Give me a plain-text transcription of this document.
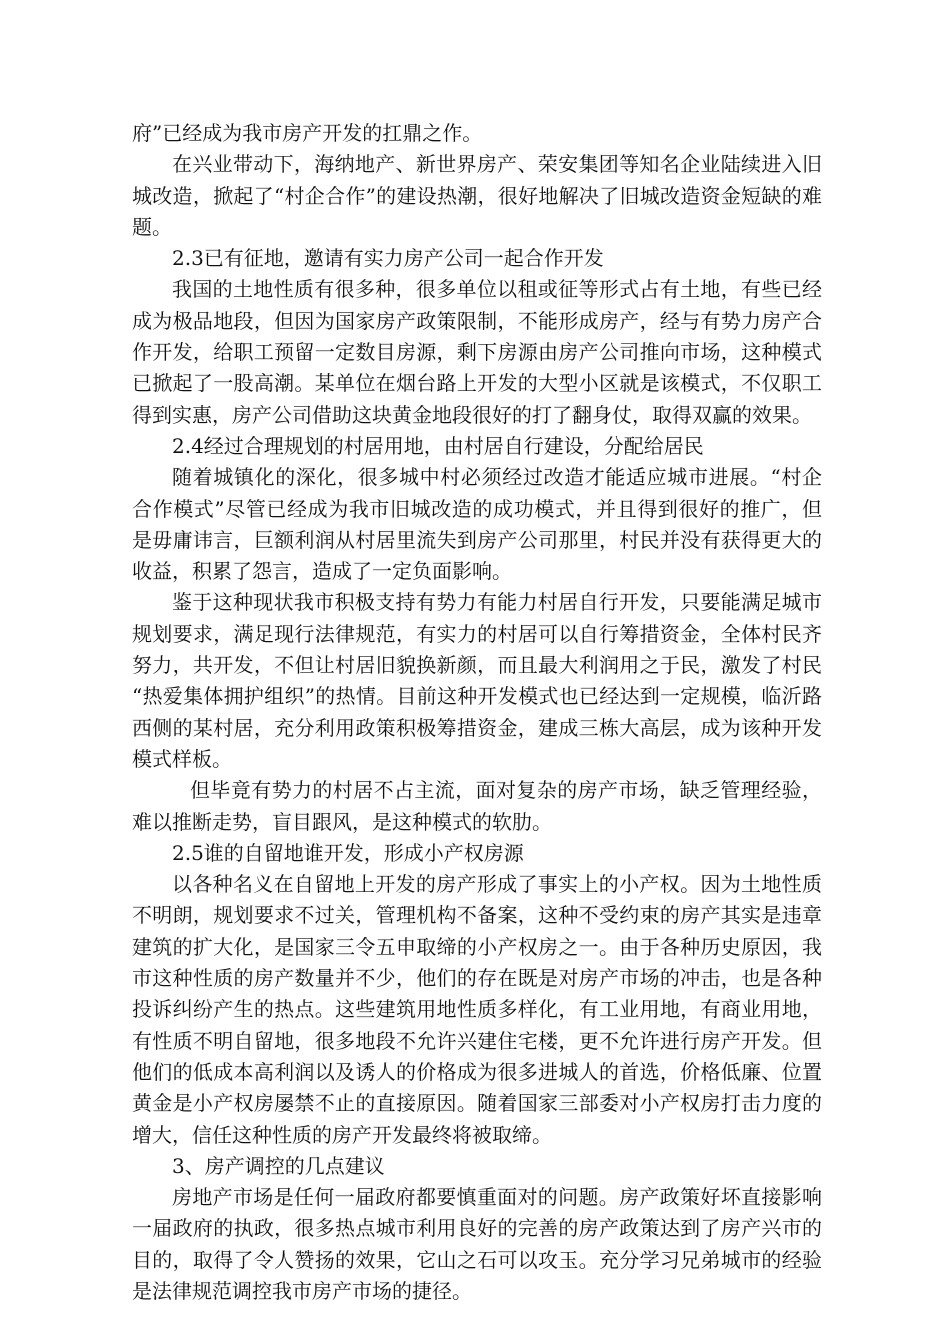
府”已经成为我市房产开发的扛鼎之作。

在兴业带动下，海纳地产、新世界房产、荣安集团等知名企业陆续进入旧城改造，掀起了“村企合作”的建设热潮，很好地解决了旧城改造资金短缺的难题。

2.3已有征地，邀请有实力房产公司一起合作开发

我国的土地性质有很多种，很多单位以租或征等形式占有土地，有些已经成为极品地段，但因为国家房产政策限制，不能形成房产，经与有势力房产合作开发，给职工预留一定数目房源，剩下房源由房产公司推向市场，这种模式已掀起了一股高潮。某单位在烟台路上开发的大型小区就是该模式，不仅职工得到实惠，房产公司借助这块黄金地段很好的打了翻身仗，取得双赢的效果。

2.4经过合理规划的村居用地，由村居自行建设，分配给居民

随着城镇化的深化，很多城中村必须经过改造才能适应城市进展。“村企合作模式”尽管已经成为我市旧城改造的成功模式，并且得到很好的推广，但是毋庸讳言，巨额利润从村居里流失到房产公司那里，村民并没有获得更大的收益，积累了怨言，造成了一定负面影响。

鉴于这种现状我市积极支持有势力有能力村居自行开发，只要能满足城市规划要求，满足现行法律规范，有实力的村居可以自行筹措资金，全体村民齐努力，共开发，不但让村居旧貌换新颜，而且最大利润用之于民，激发了村民“热爱集体拥护组织”的热情。目前这种开发模式也已经达到一定规模，临沂路西侧的某村居，充分利用政策积极筹措资金，建成三栋大高层，成为该种开发模式样板。

但毕竟有势力的村居不占主流，面对复杂的房产市场，缺乏管理经验，难以推断走势，盲目跟风，是这种模式的软肋。

2.5谁的自留地谁开发，形成小产权房源

以各种名义在自留地上开发的房产形成了事实上的小产权。因为土地性质不明朗，规划要求不过关，管理机构不备案，这种不受约束的房产其实是违章建筑的扩大化，是国家三令五申取缔的小产权房之一。由于各种历史原因，我市这种性质的房产数量并不少，他们的存在既是对房产市场的冲击，也是各种投诉纠纷产生的热点。这些建筑用地性质多样化，有工业用地，有商业用地，有性质不明自留地，很多地段不允许兴建住宅楼，更不允许进行房产开发。但他们的低成本高利润以及诱人的价格成为很多进城人的首选，价格低廉、位置黄金是小产权房屡禁不止的直接原因。随着国家三部委对小产权房打击力度的增大，信任这种性质的房产开发最终将被取缔。

3、房产调控的几点建议

房地产市场是任何一届政府都要慎重面对的问题。房产政策好坏直接影响一届政府的执政，很多热点城市利用良好的完善的房产政策达到了房产兴市的目的，取得了令人赞扬的效果，它山之石可以攻玉。充分学习兄弟城市的经验是法律规范调控我市房产市场的捷径。
